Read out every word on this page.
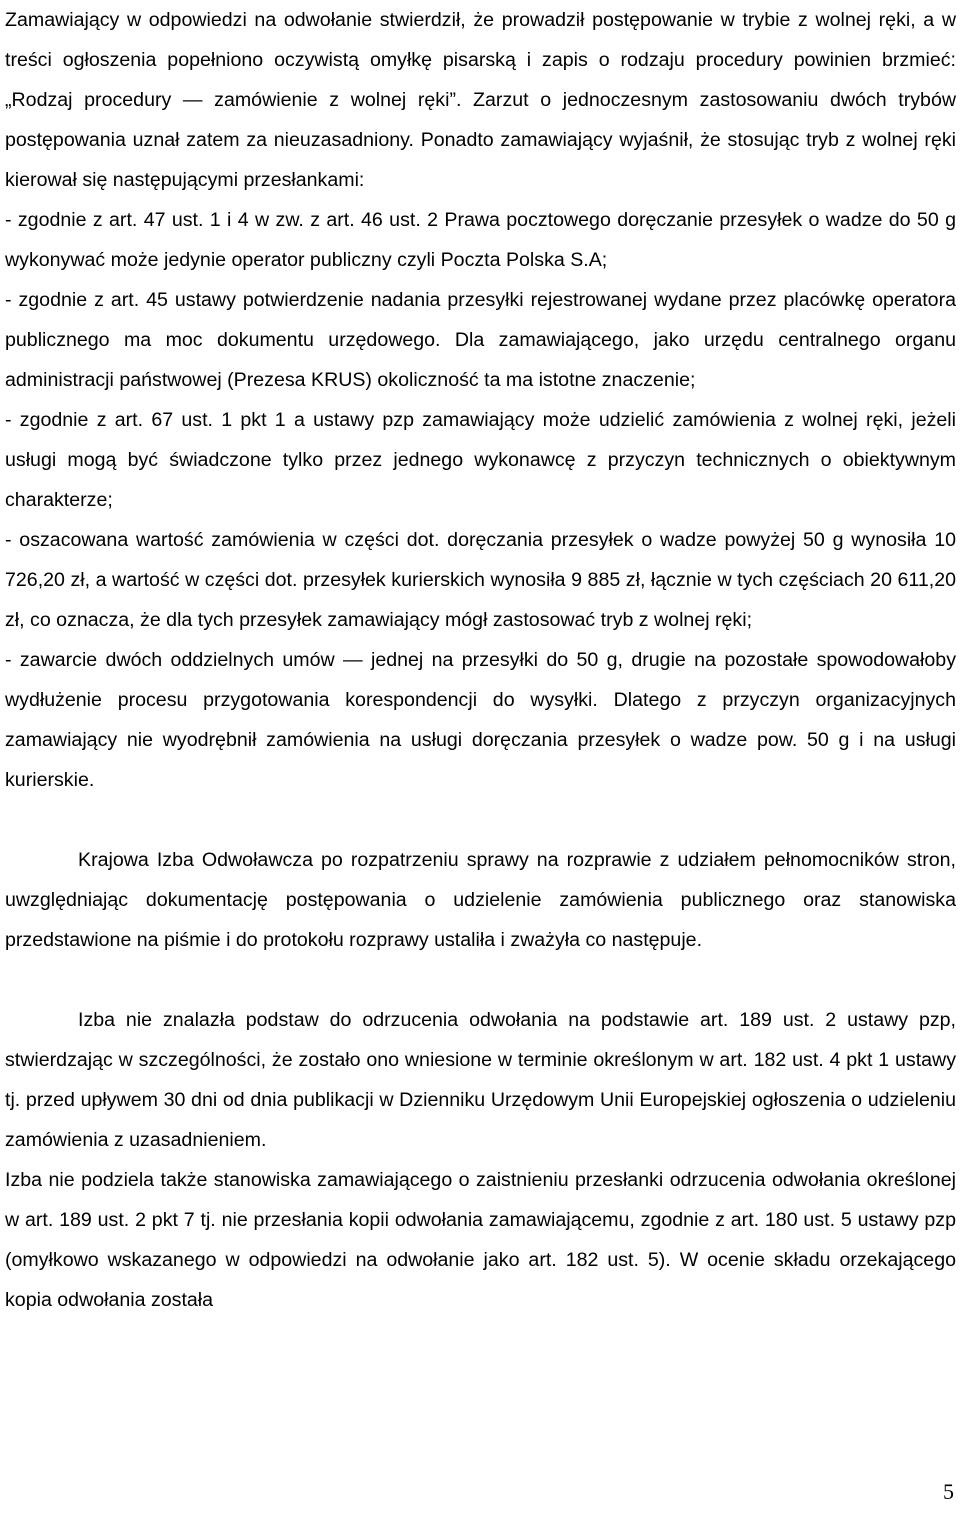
Zamawiający w odpowiedzi na odwołanie stwierdził, że prowadził postępowanie w trybie z wolnej ręki, a w treści ogłoszenia popełniono oczywistą omyłkę pisarską i zapis o rodzaju procedury powinien brzmieć: „Rodzaj procedury — zamówienie z wolnej ręki”. Zarzut o jednoczesnym zastosowaniu dwóch trybów postępowania uznał zatem za nieuzasadniony. Ponadto zamawiający wyjaśnił, że stosując tryb z wolnej ręki kierował się następującymi przesłankami:

- zgodnie z art. 47 ust. 1 i 4 w zw. z art. 46 ust. 2 Prawa pocztowego doręczanie przesyłek o wadze do 50 g wykonywać może jedynie operator publiczny czyli Poczta Polska S.A;

- zgodnie z art. 45 ustawy potwierdzenie nadania przesyłki rejestrowanej wydane przez placówkę operatora publicznego ma moc dokumentu urzędowego. Dla zamawiającego, jako urzędu centralnego organu administracji państwowej (Prezesa KRUS) okoliczność ta ma istotne znaczenie;

- zgodnie z art. 67 ust. 1 pkt 1 a ustawy pzp zamawiający może udzielić zamówienia z wolnej ręki, jeżeli usługi mogą być świadczone tylko przez jednego wykonawcę z przyczyn technicznych o obiektywnym charakterze;

- oszacowana wartość zamówienia w części dot. doręczania przesyłek o wadze powyżej 50 g wynosiła 10 726,20 zł, a wartość w części dot. przesyłek kurierskich wynosiła 9 885 zł, łącznie w tych częściach 20 611,20 zł, co oznacza, że dla tych przesyłek zamawiający mógł zastosować tryb z wolnej ręki;

- zawarcie dwóch oddzielnych umów — jednej na przesyłki do 50 g, drugie na pozostałe spowodowałoby wydłużenie procesu przygotowania korespondencji do wysyłki. Dlatego z przyczyn organizacyjnych zamawiający nie wyodrębnił zamówienia na usługi doręczania przesyłek o wadze pow. 50 g i na usługi kurierskie.

Krajowa Izba Odwoławcza po rozpatrzeniu sprawy na rozprawie z udziałem pełnomocników stron, uwzględniając dokumentację postępowania o udzielenie zamówienia publicznego oraz stanowiska przedstawione na piśmie i do protokołu rozprawy ustaliła i zważyła co następuje.

Izba nie znalazła podstaw do odrzucenia odwołania na podstawie art. 189 ust. 2 ustawy pzp, stwierdzając w szczególności, że zostało ono wniesione w terminie określonym w art. 182 ust. 4 pkt 1 ustawy tj. przed upływem 30 dni od dnia publikacji w Dzienniku Urzędowym Unii Europejskiej ogłoszenia o udzieleniu zamówienia z uzasadnieniem.

Izba nie podziela także stanowiska zamawiającego o zaistnieniu przesłanki odrzucenia odwołania określonej w art. 189 ust. 2 pkt 7 tj. nie przesłania kopii odwołania zamawiającemu, zgodnie z art. 180 ust. 5 ustawy pzp (omyłkowo wskazanego w odpowiedzi na odwołanie jako art. 182 ust. 5). W ocenie składu orzekającego kopia odwołania została

5
